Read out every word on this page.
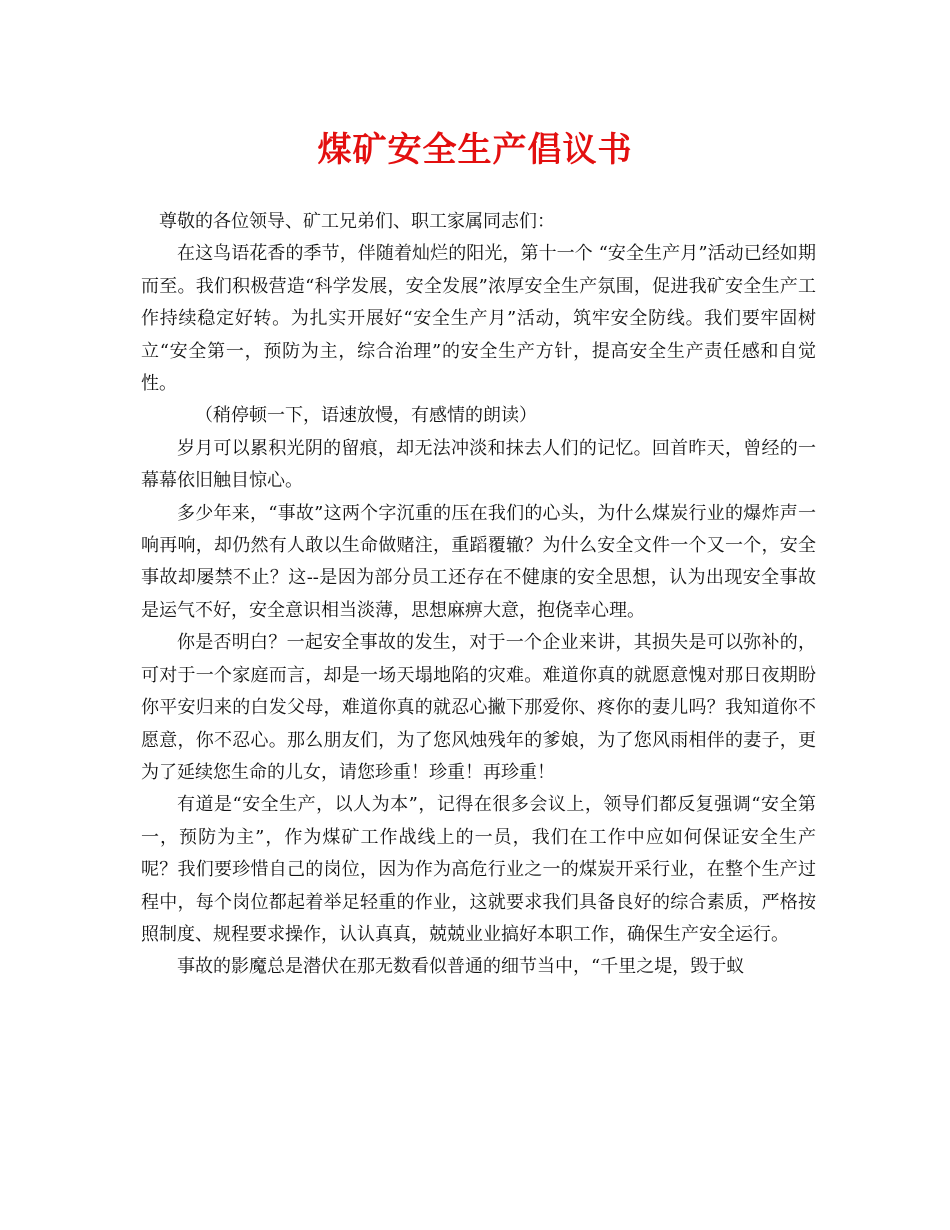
煤矿安全生产倡议书

尊敬的各位领导、矿工兄弟们、职工家属同志们：

在这鸟语花香的季节，伴随着灿烂的阳光，第十一个 “安全生产月”活动已经如期而至。我们积极营造“科学发展，安全发展”浓厚安全生产氛围，促进我矿安全生产工作持续稳定好转。为扎实开展好“安全生产月”活动，筑牢安全防线。我们要牢固树立“安全第一，预防为主，综合治理”的安全生产方针，提高安全生产责任感和自觉性。

（稍停顿一下，语速放慢，有感情的朗读）

岁月可以累积光阴的留痕，却无法冲淡和抹去人们的记忆。回首昨天，曾经的一幕幕依旧触目惊心。

多少年来，“事故”这两个字沉重的压在我们的心头，为什么煤炭行业的爆炸声一响再响，却仍然有人敢以生命做赌注，重蹈覆辙？为什么安全文件一个又一个，安全事故却屡禁不止？这--是因为部分员工还存在不健康的安全思想，认为出现安全事故是运气不好，安全意识相当淡薄，思想麻痹大意，抱侥幸心理。

你是否明白？一起安全事故的发生，对于一个企业来讲，其损失是可以弥补的，可对于一个家庭而言，却是一场天塌地陷的灾难。难道你真的就愿意愧对那日夜期盼你平安归来的白发父母，难道你真的就忍心撇下那爱你、疼你的妻儿吗？我知道你不愿意，你不忍心。那么朋友们，为了您风烛残年的爹娘，为了您风雨相伴的妻子，更为了延续您生命的儿女，请您珍重！珍重！再珍重！

有道是“安全生产，以人为本”，记得在很多会议上，领导们都反复强调“安全第一，预防为主”，作为煤矿工作战线上的一员，我们在工作中应如何保证安全生产呢？我们要珍惜自己的岗位，因为作为高危行业之一的煤炭开采行业，在整个生产过程中，每个岗位都起着举足轻重的作业，这就要求我们具备良好的综合素质，严格按照制度、规程要求操作，认认真真，兢兢业业搞好本职工作，确保生产安全运行。

事故的影魔总是潜伏在那无数看似普通的细节当中，“千里之堤，毁于蚁
